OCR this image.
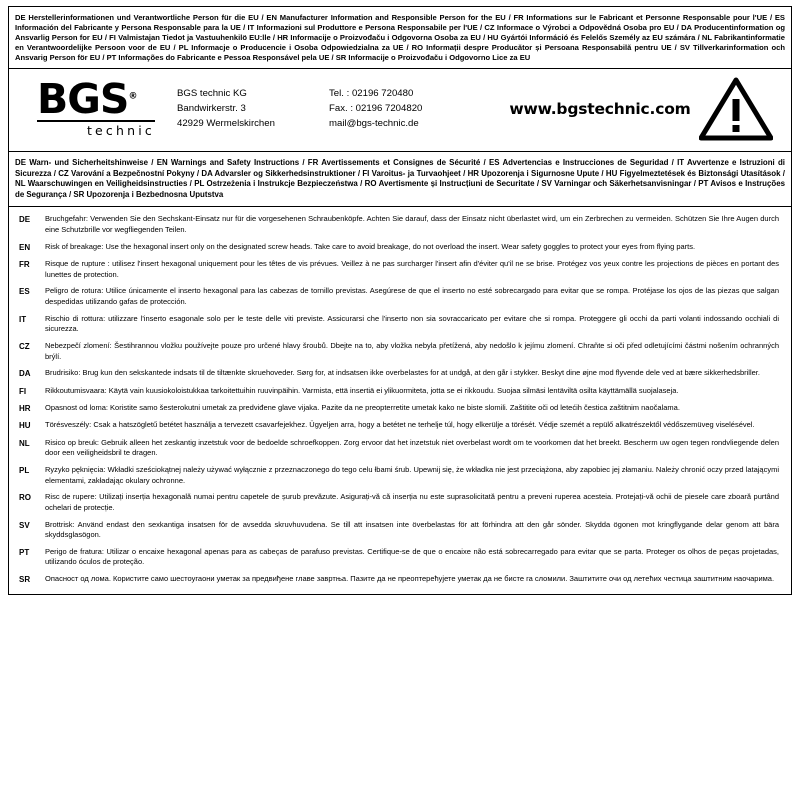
DE Herstellerinformationen und Verantwortliche Person für die EU / EN Manufacturer Information and Responsible Person for the EU / FR Informations sur le Fabricant et Personne Responsable pour l'UE / ES Información del Fabricante y Persona Responsable para la UE / IT Informazioni sul Produttore e Persona Responsabile per l'UE / CZ Informace o Výrobci a Odpovědná Osoba pro EU / DA Producentinformation og Ansvarlig Person for EU / FI Valmistajan Tiedot ja Vastuuhenkilö EU:lle / HR Informacije o Proizvođaču i Odgovorna Osoba za EU / HU Gyártói Információ és Felelős Személy az EU számára / NL Fabrikantinformatie en Verantwoordelijke Persoon voor de EU / PL Informacje o Producencie i Osoba Odpowiedzialna za UE / RO Informații despre Producător și Persoana Responsabilă pentru UE / SV Tillverkarinformation och Ansvarig Person för EU / PT Informações do Fabricante e Pessoa Responsável pela UE / SR Informacije o Proizvođaču i Odgovorno Lice za EU
BGS®
technic
BGS technic KG
Bandwirkerstr. 3
42929 Wermelskirchen
Tel. : 02196 720480
Fax. : 02196 7204820
mail@bgs-technic.de
www.bgstechnic.com
DE Warn- und Sicherheitshinweise / EN Warnings and Safety Instructions / FR Avertissements et Consignes de Sécurité / ES Advertencias e Instrucciones de Seguridad / IT Avvertenze e Istruzioni di Sicurezza / CZ Varování a Bezpečnostní Pokyny / DA Advarsler og Sikkerhedsinstruktioner / FI Varoitus- ja Turvaohjeet / HR Upozorenja i Sigurnosne Upute / HU Figyelmeztetések és Biztonsági Utasítások / NL Waarschuwingen en Veiligheidsinstructies / PL Ostrzeżenia i Instrukcje Bezpieczeństwa / RO Avertismente și Instrucțiuni de Securitate / SV Varningar och Säkerhetsanvisningar / PT Avisos e Instruções de Segurança / SR Upozorenja i Bezbednosna Uputstva
DE	Bruchgefahr: Verwenden Sie den Sechskant-Einsatz nur für die vorgesehenen Schraubenköpfe. Achten Sie darauf, dass der Einsatz nicht überlastet wird, um ein Zerbrechen zu vermeiden. Schützen Sie Ihre Augen durch eine Schutzbrille vor wegfliegenden Teilen.
EN	Risk of breakage: Use the hexagonal insert only on the designated screw heads. Take care to avoid breakage, do not overload the insert. Wear safety goggles to protect your eyes from flying parts.
FR	Risque de rupture : utilisez l'insert hexagonal uniquement pour les têtes de vis prévues. Veillez à ne pas surcharger l'insert afin d'éviter qu'il ne se brise. Protégez vos yeux contre les projections de pièces en portant des lunettes de protection.
ES	Peligro de rotura: Utilice únicamente el inserto hexagonal para las cabezas de tornillo previstas. Asegúrese de que el inserto no esté sobrecargado para evitar que se rompa. Protéjase los ojos de las piezas que salgan despedidas utilizando gafas de protección.
IT	Rischio di rottura: utilizzare l'inserto esagonale solo per le teste delle viti previste. Assicurarsi che l'inserto non sia sovraccaricato per evitare che si rompa. Proteggere gli occhi da parti volanti indossando occhiali di sicurezza.
CZ	Nebezpečí zlomení: Šestihrannou vložku používejte pouze pro určené hlavy šroubů. Dbejte na to, aby vložka nebyla přetížená, aby nedošlo k jejímu zlomení. Chraňte si oči před odletujícími částmi nošením ochranných brýlí.
DA	Brudrisiko: Brug kun den sekskantede indsats til de tiltænkte skruehoveder. Sørg for, at indsatsen ikke overbelastes for at undgå, at den går i stykker. Beskyt dine øjne mod flyvende dele ved at bære sikkerhedsbriller.
FI	Rikkoutumisvaara: Käytä vain kuusiokoloistukkaa tarkoitettuihin ruuvinpäihin. Varmista, että insertiä ei ylikuormiteta, jotta se ei rikkoudu. Suojaa silmäsi lentäviltä osilta käyttämällä suojalaseja.
HR	Opasnost od loma: Koristite samo šesterokutni umetak za predviđene glave vijaka. Pazite da ne preopterretite umetak kako ne biste slomili. Zaštitite oči od letećih čestica zaštitnim naočalama.
HU	Törésveszély: Csak a hatszögletű betétet használja a tervezett csavarfejekhez. Ügyeljen arra, hogy a betétet ne terhelje túl, hogy elkerülje a törését. Védje szemét a repülő alkatrészektől védőszemüveg viselésével.
NL	Risico op breuk: Gebruik alleen het zeskantig inzetstuk voor de bedoelde schroefkoppen. Zorg ervoor dat het inzetstuk niet overbelast wordt om te voorkomen dat het breekt. Bescherm uw ogen tegen rondvliegende delen door een veiligheidsbril te dragen.
PL	Ryzyko pęknięcia: Wkładki sześciokątnej należy używać wyłącznie z przeznaczonego do tego celu łbami śrub. Upewnij się, że wkładka nie jest przeciążona, aby zapobiec jej złamaniu. Należy chronić oczy przed latającymi elementami, zakładając okulary ochronne.
RO	Risc de rupere: Utilizați inserția hexagonală numai pentru capetele de șurub prevăzute. Asigurați-vă că inserția nu este suprasolicitată pentru a preveni ruperea acesteia. Protejați-vă ochii de piesele care zboară purtând ochelari de protecție.
SV	Brottrisk: Använd endast den sexkantiga insatsen för de avsedda skruvhuvudena. Se till att insatsen inte överbelastas för att förhindra att den går sönder. Skydda ögonen mot kringflygande delar genom att bära skyddsglasögon.
PT	Perigo de fratura: Utilizar o encaixe hexagonal apenas para as cabeças de parafuso previstas. Certifique-se de que o encaixe não está sobrecarregado para evitar que se parta. Proteger os olhos de peças projetadas, utilizando óculos de proteção.
SR	Опасност од лома. Користите само шестоугаони уметак за предвиђене главе завртња. Пазите да не преоптерећујете уметак да не бисте га сломили. Заштитите очи од летећих честица заштитним наочарима.
